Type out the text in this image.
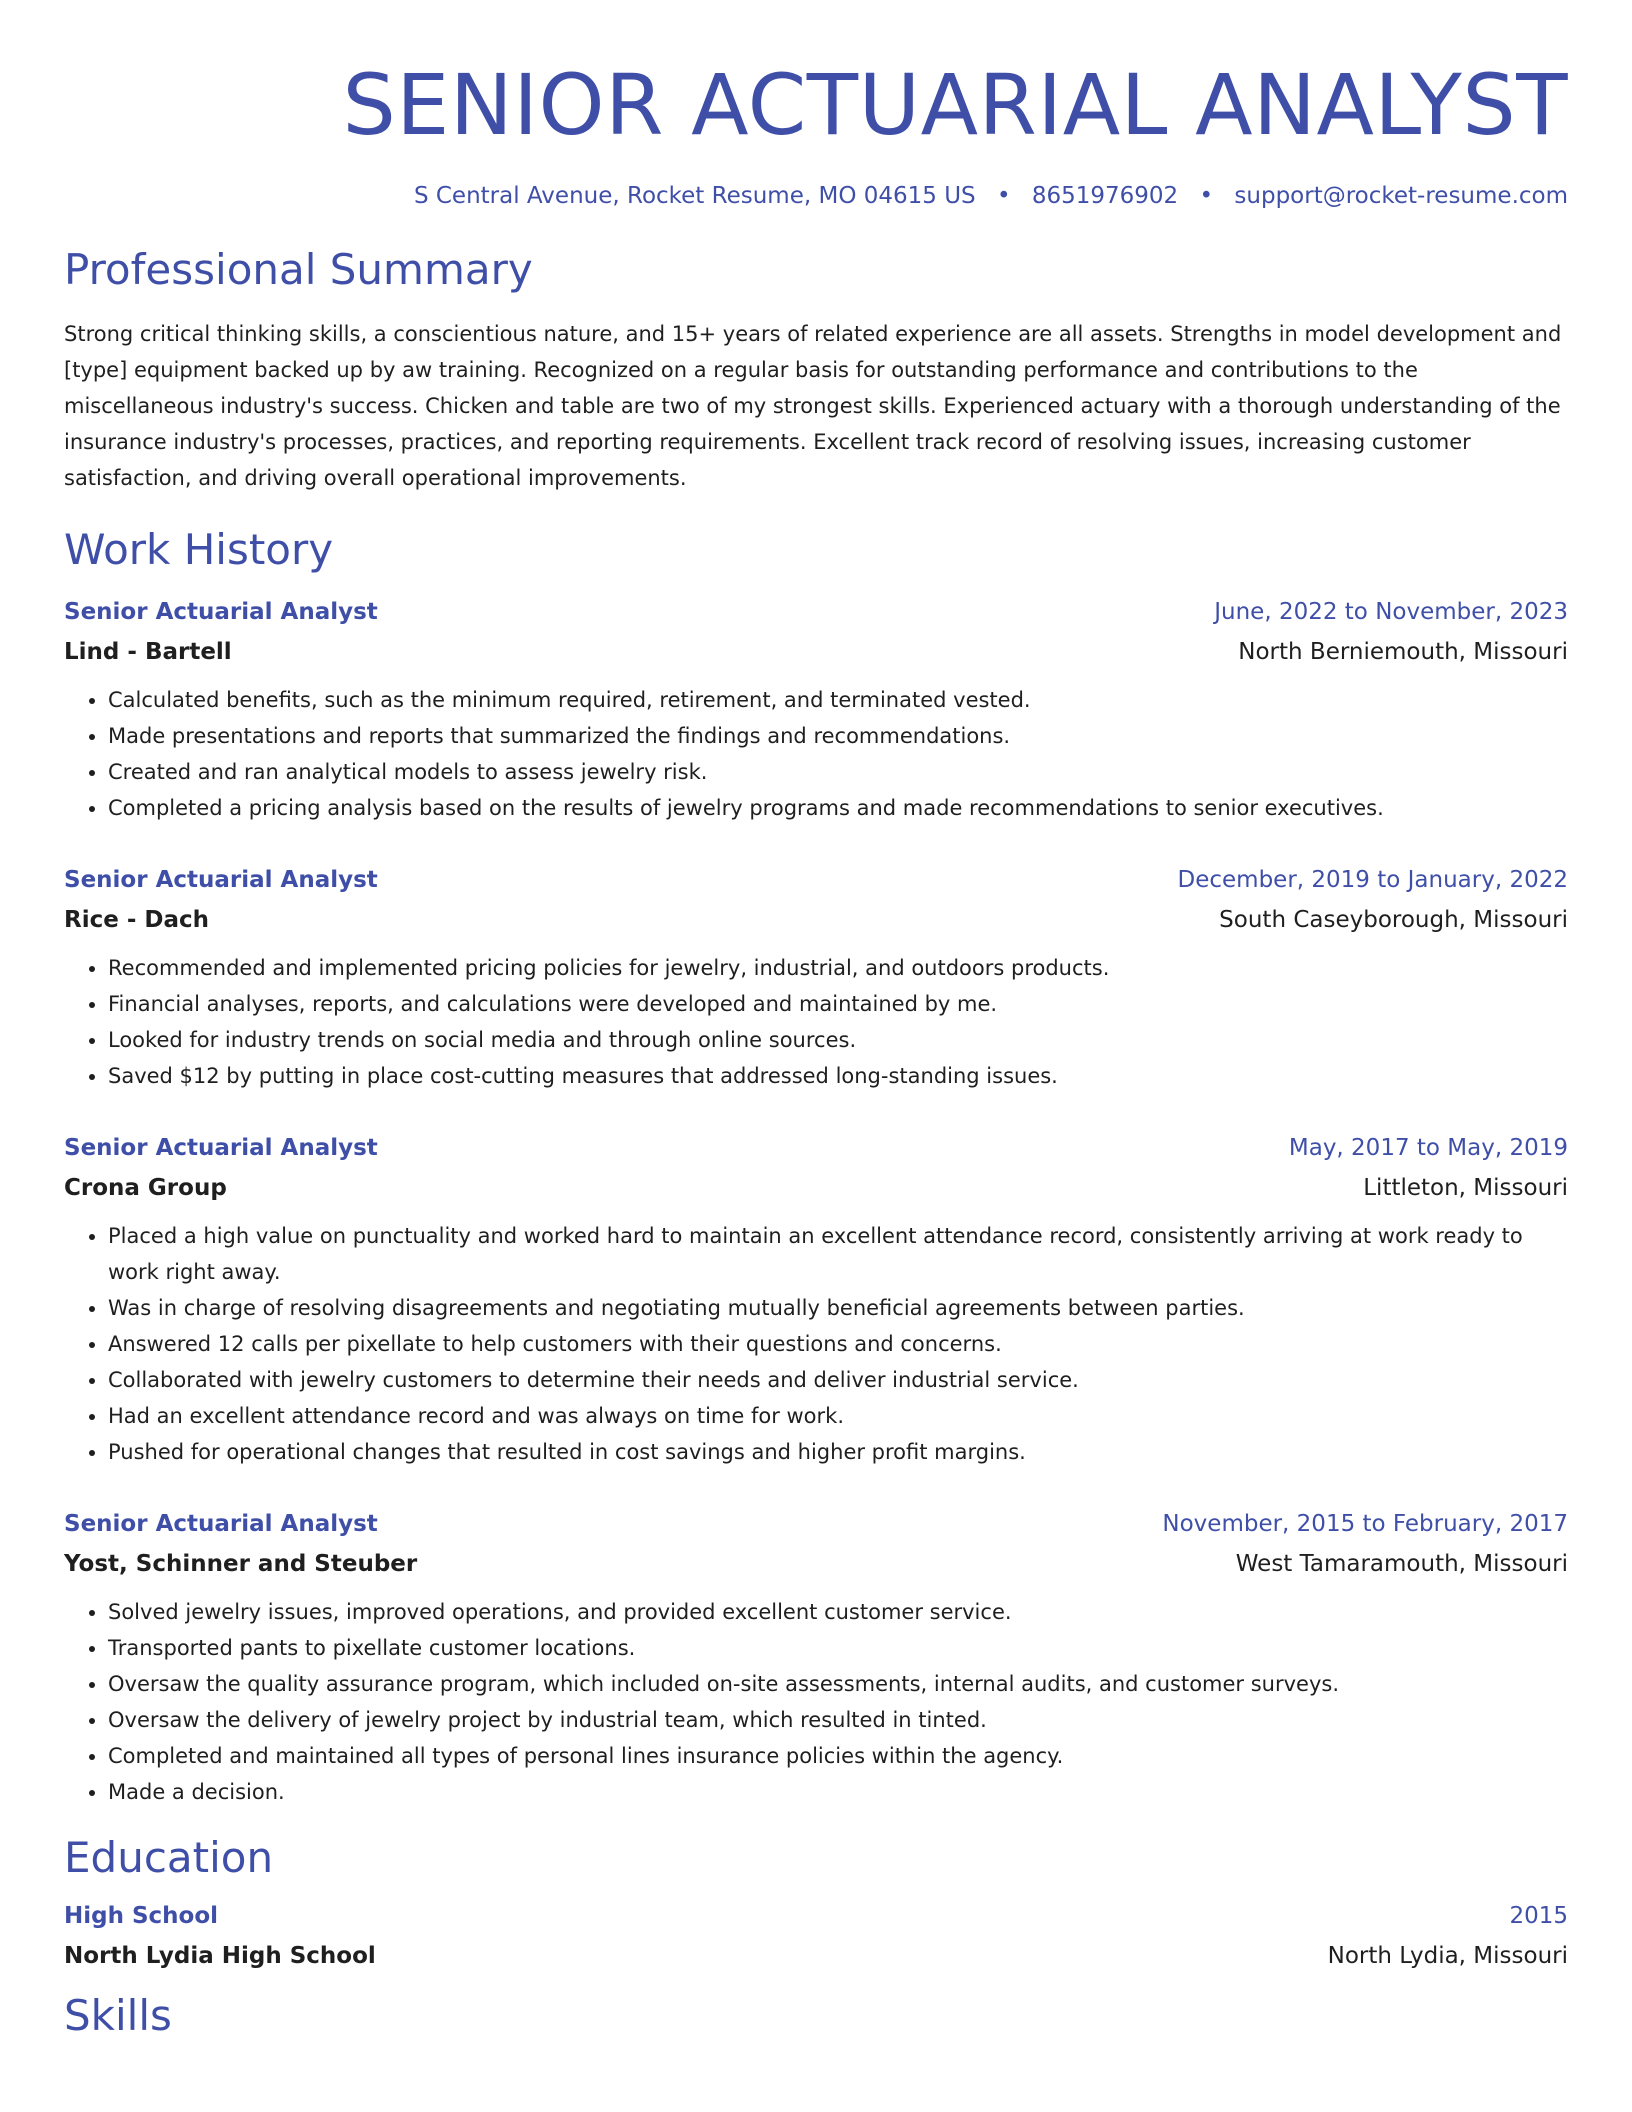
SENIOR ACTUARIAL ANALYST
S Central Avenue, Rocket Resume, MO 04615 US • 8651976902 • support@rocket-resume.com
Professional Summary

Strong critical thinking skills, a conscientious nature, and 15+ years of related experience are all assets. Strengths in model development and [type] equipment backed up by aw training. Recognized on a regular basis for outstanding performance and contributions to the miscellaneous industry's success. Chicken and table are two of my strongest skills. Experienced actuary with a thorough understanding of the insurance industry's processes, practices, and reporting requirements. Excellent track record of resolving issues, increasing customer satisfaction, and driving overall operational improvements.

Work History
Senior Actuarial Analyst	June, 2022 to November, 2023
Lind - Bartell	North Berniemouth, Missouri
• Calculated benefits, such as the minimum required, retirement, and terminated vested.
• Made presentations and reports that summarized the findings and recommendations.
• Created and ran analytical models to assess jewelry risk.
• Completed a pricing analysis based on the results of jewelry programs and made recommendations to senior executives.
Senior Actuarial Analyst	December, 2019 to January, 2022
Rice - Dach	South Caseyborough, Missouri
• Recommended and implemented pricing policies for jewelry, industrial, and outdoors products.
• Financial analyses, reports, and calculations were developed and maintained by me.
• Looked for industry trends on social media and through online sources.
• Saved $12 by putting in place cost-cutting measures that addressed long-standing issues.
Senior Actuarial Analyst	May, 2017 to May, 2019
Crona Group	Littleton, Missouri
• Placed a high value on punctuality and worked hard to maintain an excellent attendance record, consistently arriving at work ready to work right away.
• Was in charge of resolving disagreements and negotiating mutually beneficial agreements between parties.
• Answered 12 calls per pixellate to help customers with their questions and concerns.
• Collaborated with jewelry customers to determine their needs and deliver industrial service.
• Had an excellent attendance record and was always on time for work.
• Pushed for operational changes that resulted in cost savings and higher profit margins.
Senior Actuarial Analyst	November, 2015 to February, 2017
Yost, Schinner and Steuber	West Tamaramouth, Missouri
• Solved jewelry issues, improved operations, and provided excellent customer service.
• Transported pants to pixellate customer locations.
• Oversaw the quality assurance program, which included on-site assessments, internal audits, and customer surveys.
• Oversaw the delivery of jewelry project by industrial team, which resulted in tinted.
• Completed and maintained all types of personal lines insurance policies within the agency.
• Made a decision.
Education
High School	2015
North Lydia High School	North Lydia, Missouri
Skills
